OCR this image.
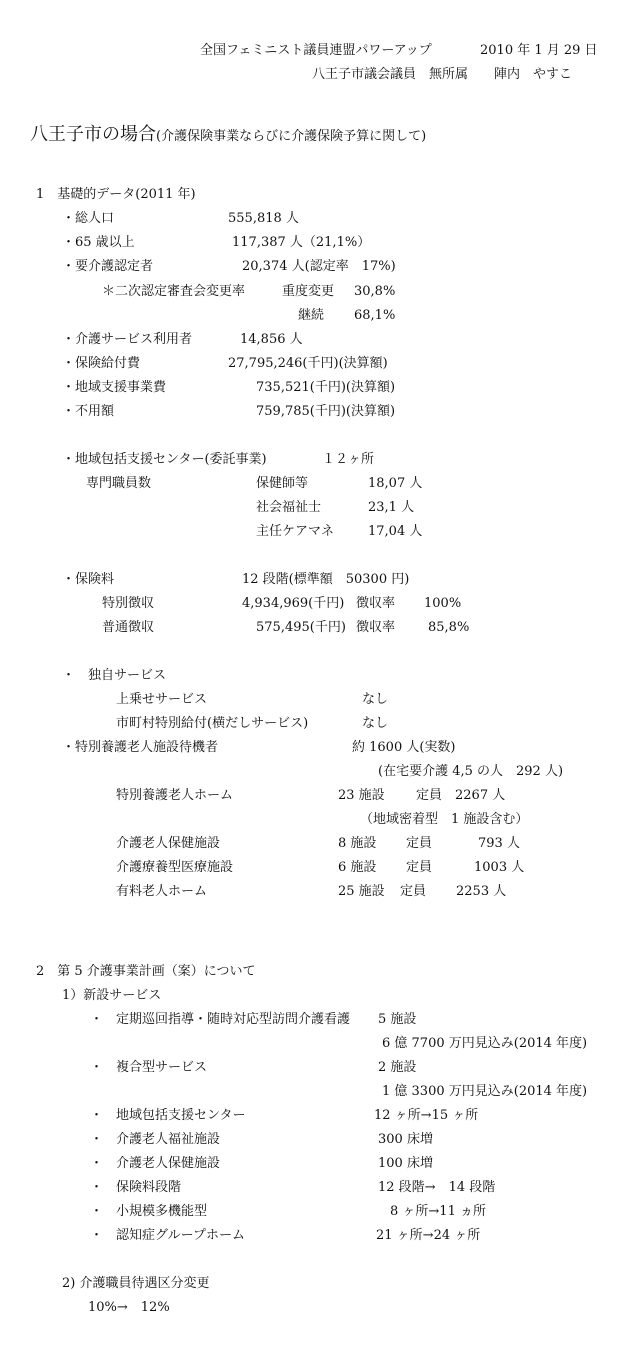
全国フェミニスト議員連盟パワーアップ	2010 年 1 月 29 日
八王子市議会議員　無所属　　陣内　やすこ
八王子市の場合(介護保険事業ならびに介護保険予算に関して)
1　基礎的データ(2011 年)
・総人口	555,818 人
・65 歳以上	117,387 人（21,1%）
・要介護認定者	20,374 人(認定率　17%)
＊二次認定審査会変更率	重度変更 30,8%
継続 68,1%
・介護サービス利用者	14,856 人
・保険給付費	27,795,246(千円)(決算額)
・地域支援事業費	735,521(千円)(決算額)
・不用額	759,785(千円)(決算額)
・地域包括支援センター(委託事業)	１２ヶ所
専門職員数	保健師等	18,07 人
社会福祉士	23,1 人
主任ケアマネ	17,04 人
・保険料	12 段階(標準額　50300 円)
特別徴収	4,934,969(千円) 徴収率 100%
普通徴収	575,495(千円) 徴収率	85,8%
・　独自サービス
上乗せサービス	なし
市町村特別給付(横だしサービス)	なし
・特別養護老人施設待機者	約 1600 人(実数)
(在宅要介護 4,5 の人　292 人)
特別養護老人ホーム	23 施設 定員　2267 人
（地域密着型　1 施設含む）
介護老人保健施設	8 施設 定員	793 人
介護療養型医療施設	6 施設 定員	1003 人
有料老人ホーム	25 施設 定員 2253 人
2　第 5 介護事業計画（案）について
1）新設サービス
・　定期巡回指導・随時対応型訪問介護看護 5 施設
6 億 7700 万円見込み(2014 年度)
・　複合型サービス	2 施設
1 億 3300 万円見込み(2014 年度)
・　地域包括支援センター	12 ヶ所→15 ヶ所
・　介護老人福祉施設	300 床増
・　介護老人保健施設	100 床増
・　保険料段階	12 段階→　14 段階
・　小規模多機能型	8 ヶ所→11 ヵ所
・　認知症グループホーム	21 ヶ所→24 ヶ所
2) 介護職員待遇区分変更
10%→　12%
